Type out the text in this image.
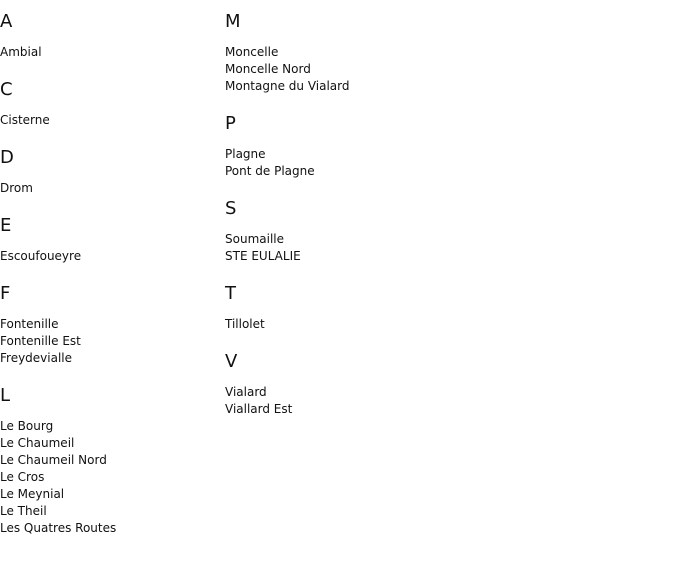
A
Ambial
C
Cisterne
D
Drom
E
Escoufoueyre
F
Fontenille
Fontenille Est
Freydevialle
L
Le Bourg
Le Chaumeil
Le Chaumeil Nord
Le Cros
Le Meynial
Le Theil
Les Quatres Routes
M
Moncelle
Moncelle Nord
Montagne du Vialard
P
Plagne
Pont de Plagne
S
Soumaille
STE EULALIE
T
Tillolet
V
Vialard
Viallard Est
